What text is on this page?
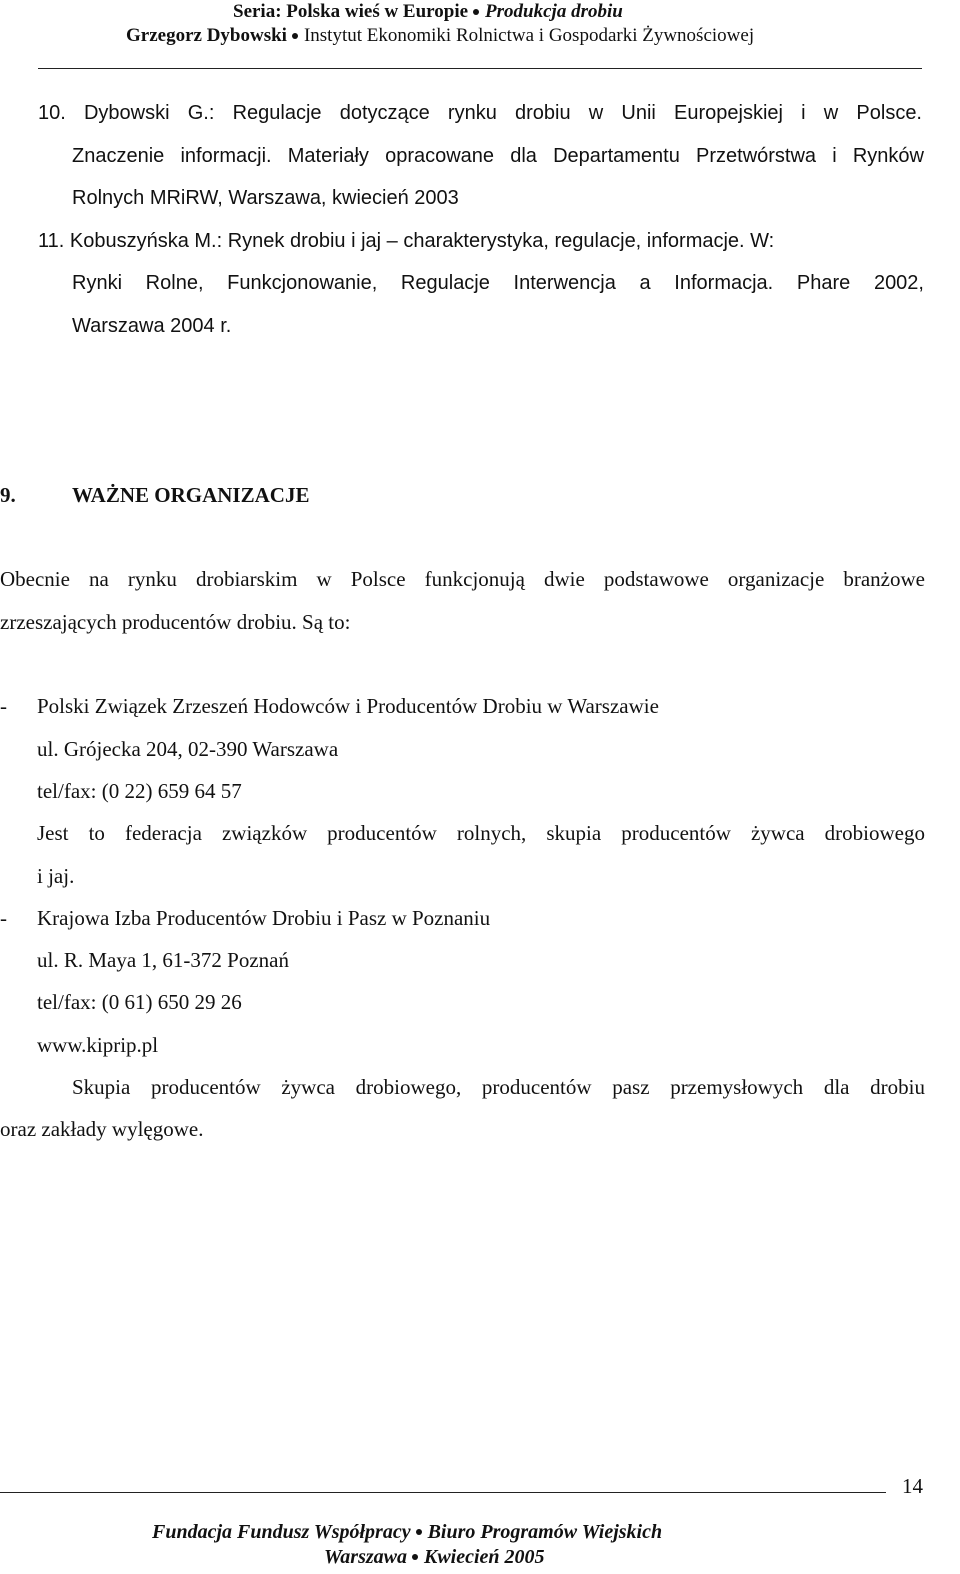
Seria: Polska wieś w Europie Produkcja drobiu
Grzegorz Dybowski Instytut Ekonomiki Rolnictwa i Gospodarki Żywnościowej
10. Dybowski G.: Regulacje dotyczące rynku drobiu w Unii Europejskiej i w Polsce.
Znaczenie informacji. Materiały opracowane dla Departamentu Przetwórstwa i Rynków
Rolnych MRiRW, Warszawa, kwiecień 2003
11. Kobuszyńska M.: Rynek drobiu i jaj – charakterystyka, regulacje, informacje. W:
Rynki Rolne, Funkcjonowanie, Regulacje Interwencja a Informacja. Phare 2002,
Warszawa 2004 r.
9.	WAŻNE ORGANIZACJE
Obecnie na rynku drobiarskim w Polsce funkcjonują dwie podstawowe organizacje branżowe
zrzeszających producentów drobiu. Są to:
- Polski Związek Zrzeszeń Hodowców i Producentów Drobiu w Warszawie
ul. Grójecka 204, 02-390 Warszawa
tel/fax: (0 22) 659 64 57
Jest to federacja związków producentów rolnych, skupia producentów żywca drobiowego
i jaj.
- Krajowa Izba Producentów Drobiu i Pasz w Poznaniu
ul. R. Maya 1, 61-372 Poznań
tel/fax: (0 61) 650 29 26
www.kiprip.pl
Skupia producentów żywca drobiowego, producentów pasz przemysłowych dla drobiu
oraz zakłady wylęgowe.
14
Fundacja Fundusz Współpracy Biuro Programów Wiejskich
Warszawa Kwiecień 2005
